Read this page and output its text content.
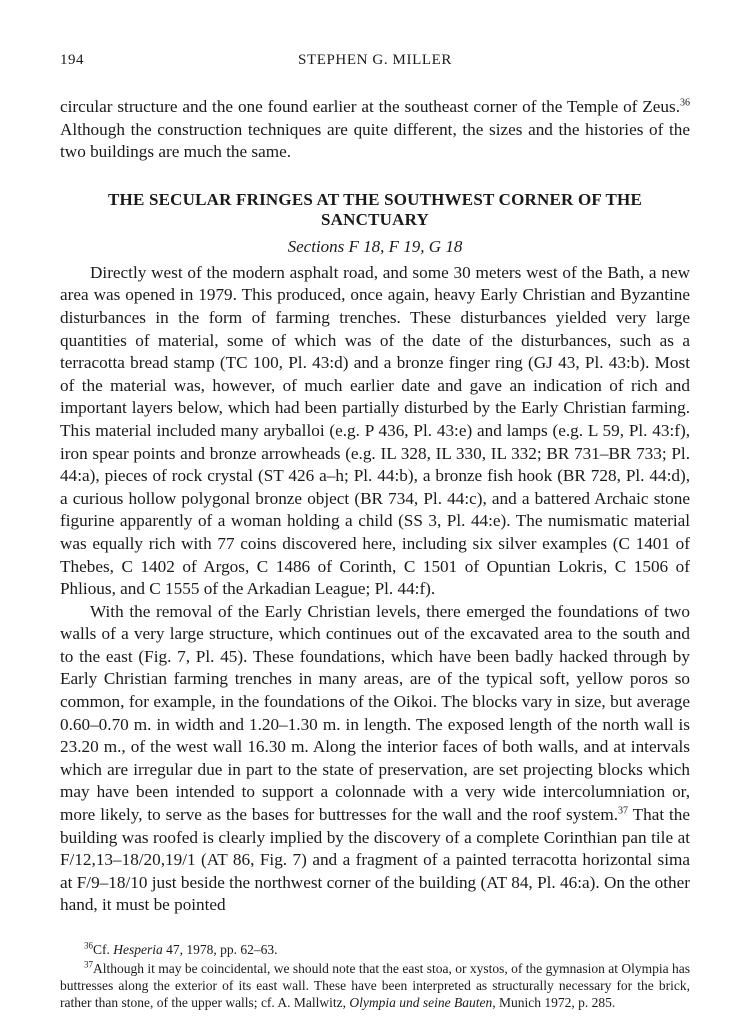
194	STEPHEN G. MILLER

circular structure and the one found earlier at the southeast corner of the Temple of Zeus.$^{36}$ Although the construction techniques are quite different, the sizes and the histories of the two buildings are much the same.

THE SECULAR FRINGES AT THE SOUTHWEST CORNER OF THE SANCTUARY
Sections F 18, F 19, G 18

Directly west of the modern asphalt road, and some 30 meters west of the Bath, a new area was opened in 1979. This produced, once again, heavy Early Christian and Byzantine disturbances in the form of farming trenches. These disturbances yielded very large quantities of material, some of which was of the date of the disturbances, such as a terracotta bread stamp (TC 100, Pl. 43:d) and a bronze finger ring (GJ 43, Pl. 43:b). Most of the material was, however, of much earlier date and gave an indication of rich and important layers below, which had been partially disturbed by the Early Christian farming. This material included many aryballoi (e.g. P 436, Pl. 43:e) and lamps (e.g. L 59, Pl. 43:f), iron spear points and bronze arrowheads (e.g. IL 328, IL 330, IL 332; BR 731–BR 733; Pl. 44:a), pieces of rock crystal (ST 426 a–h; Pl. 44:b), a bronze fish hook (BR 728, Pl. 44:d), a curious hollow polygonal bronze object (BR 734, Pl. 44:c), and a battered Archaic stone figurine apparently of a woman holding a child (SS 3, Pl. 44:e). The numismatic material was equally rich with 77 coins discovered here, including six silver examples (C 1401 of Thebes, C 1402 of Argos, C 1486 of Corinth, C 1501 of Opuntian Lokris, C 1506 of Phlious, and C 1555 of the Arkadian League; Pl. 44:f).

With the removal of the Early Christian levels, there emerged the foundations of two walls of a very large structure, which continues out of the excavated area to the south and to the east (Fig. 7, Pl. 45). These foundations, which have been badly hacked through by Early Christian farming trenches in many areas, are of the typical soft, yellow poros so common, for example, in the foundations of the Oikoi. The blocks vary in size, but average 0.60–0.70 m. in width and 1.20–1.30 m. in length. The exposed length of the north wall is 23.20 m., of the west wall 16.30 m. Along the interior faces of both walls, and at intervals which are irregular due in part to the state of preservation, are set projecting blocks which may have been intended to support a colonnade with a very wide intercolumniation or, more likely, to serve as the bases for buttresses for the wall and the roof system.$^{37}$ That the building was roofed is clearly implied by the discovery of a complete Corinthian pan tile at F/12,13–18/20,19/1 (AT 86, Fig. 7) and a fragment of a painted terracotta horizontal sima at F/9–18/10 just beside the northwest corner of the building (AT 84, Pl. 46:a). On the other hand, it must be pointed

$^{36}$Cf. Hesperia 47, 1978, pp. 62–63.

$^{37}$Although it may be coincidental, we should note that the east stoa, or xystos, of the gymnasion at Olympia has buttresses along the exterior of its east wall. These have been interpreted as structurally necessary for the brick, rather than stone, of the upper walls; cf. A. Mallwitz, Olympia und seine Bauten, Munich 1972, p. 285.
